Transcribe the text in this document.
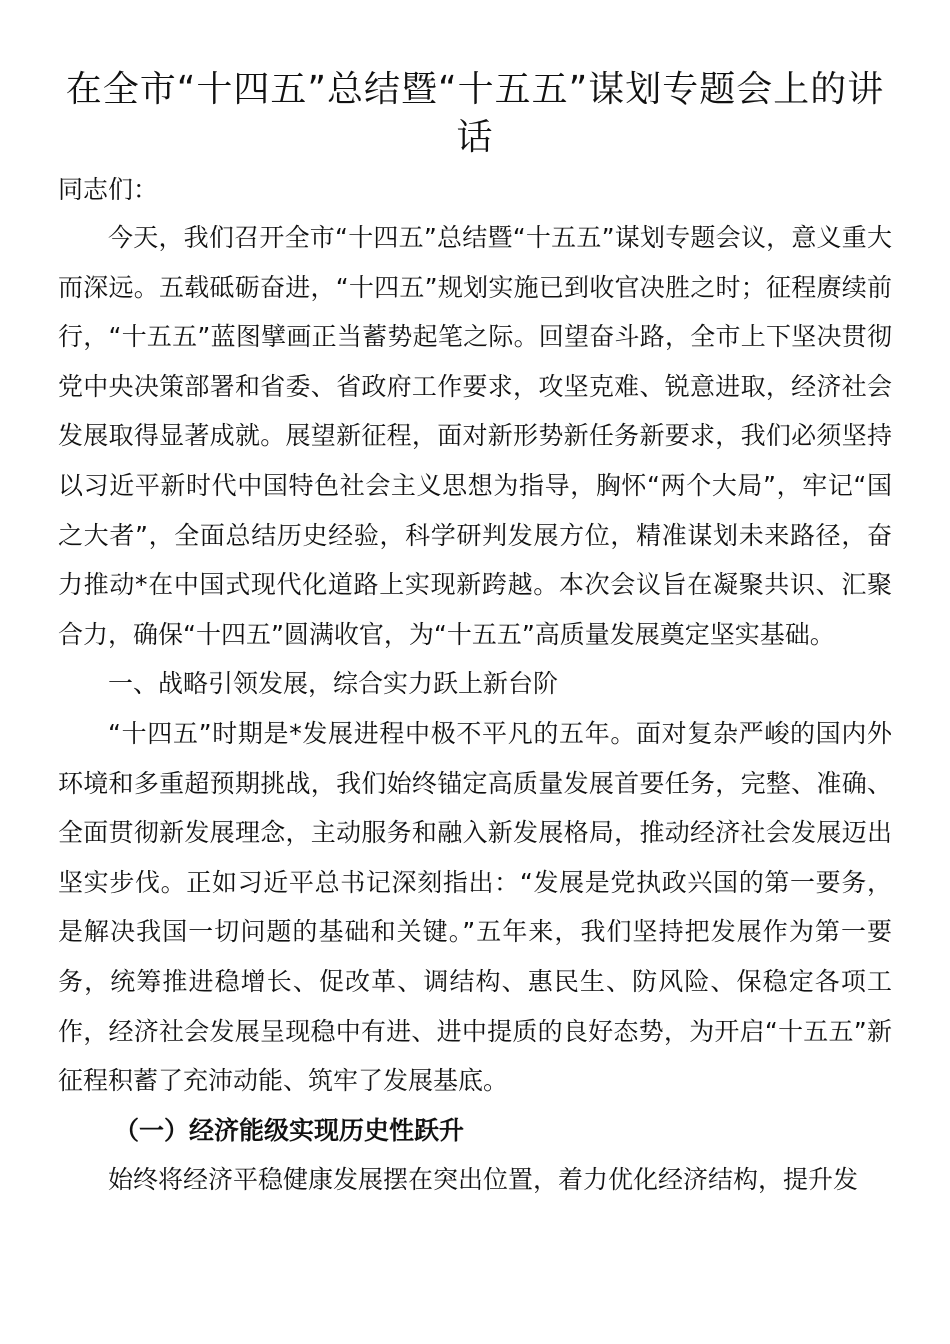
在全市“十四五”总结暨“十五五”谋划专题会上的讲话

同志们：

今天，我们召开全市“十四五”总结暨“十五五”谋划专题会议，意义重大而深远。五载砥砺奋进，“十四五”规划实施已到收官决胜之时；征程赓续前行，“十五五”蓝图擘画正当蓄势起笔之际。回望奋斗路，全市上下坚决贯彻党中央决策部署和省委、省政府工作要求，攻坚克难、锐意进取，经济社会发展取得显著成就。展望新征程，面对新形势新任务新要求，我们必须坚持以习近平新时代中国特色社会主义思想为指导，胸怀“两个大局”，牢记“国之大者”，全面总结历史经验，科学研判发展方位，精准谋划未来路径，奋力推动*在中国式现代化道路上实现新跨越。本次会议旨在凝聚共识、汇聚合力，确保“十四五”圆满收官，为“十五五”高质量发展奠定坚实基础。

一、战略引领发展，综合实力跃上新台阶

“十四五”时期是*发展进程中极不平凡的五年。面对复杂严峻的国内外环境和多重超预期挑战，我们始终锚定高质量发展首要任务，完整、准确、全面贯彻新发展理念，主动服务和融入新发展格局，推动经济社会发展迈出坚实步伐。正如习近平总书记深刻指出：“发展是党执政兴国的第一要务，是解决我国一切问题的基础和关键。”五年来，我们坚持把发展作为第一要务，统筹推进稳增长、促改革、调结构、惠民生、防风险、保稳定各项工作，经济社会发展呈现稳中有进、进中提质的良好态势，为开启“十五五”新征程积蓄了充沛动能、筑牢了发展基底。

（一）经济能级实现历史性跃升

始终将经济平稳健康发展摆在突出位置，着力优化经济结构，提升发
